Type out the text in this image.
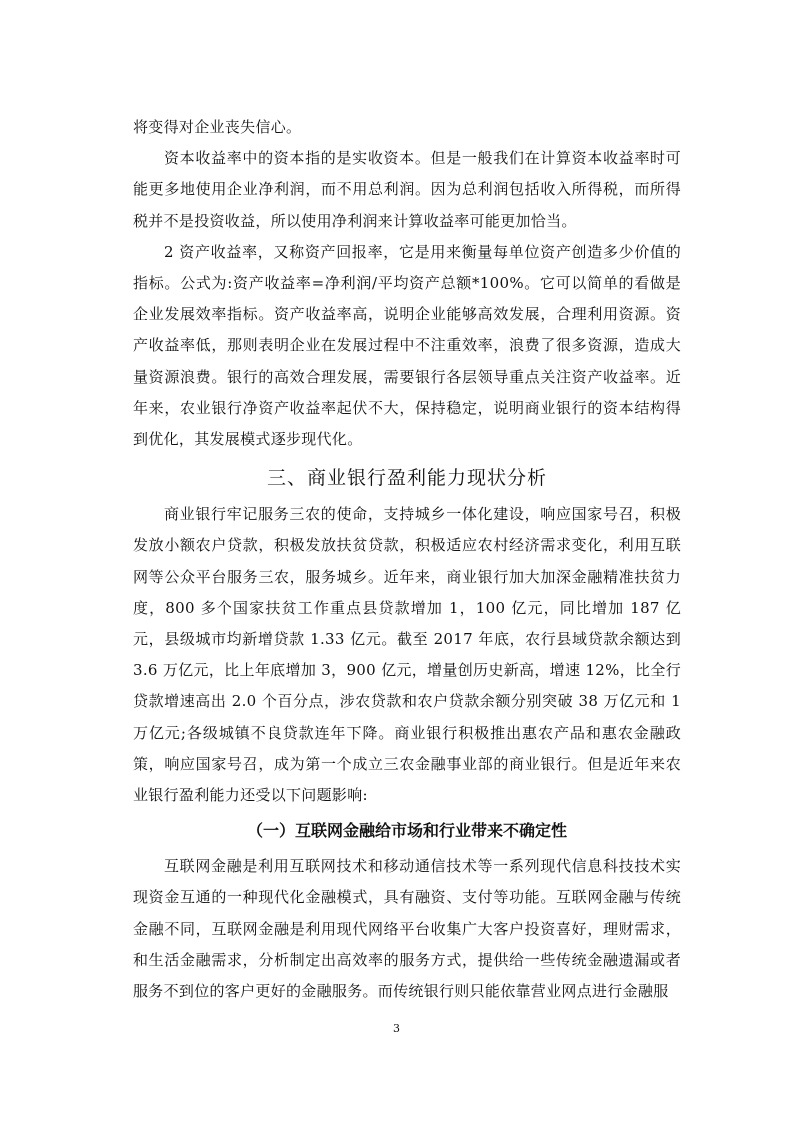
将变得对企业丧失信心。

资本收益率中的资本指的是实收资本。但是一般我们在计算资本收益率时可能更多地使用企业净利润，而不用总利润。因为总利润包括收入所得税，而所得税并不是投资收益，所以使用净利润来计算收益率可能更加恰当。

2 资产收益率，又称资产回报率，它是用来衡量每单位资产创造多少价值的指标。公式为:资产收益率=净利润/平均资产总额*100%。它可以简单的看做是企业发展效率指标。资产收益率高，说明企业能够高效发展，合理利用资源。资产收益率低，那则表明企业在发展过程中不注重效率，浪费了很多资源，造成大量资源浪费。银行的高效合理发展，需要银行各层领导重点关注资产收益率。近年来，农业银行净资产收益率起伏不大，保持稳定，说明商业银行的资本结构得到优化，其发展模式逐步现代化。

三、商业银行盈利能力现状分析

商业银行牢记服务三农的使命，支持城乡一体化建设，响应国家号召，积极发放小额农户贷款，积极发放扶贫贷款，积极适应农村经济需求变化，利用互联网等公众平台服务三农，服务城乡。近年来，商业银行加大加深金融精准扶贫力度，800 多个国家扶贫工作重点县贷款增加 1，100 亿元，同比增加 187 亿元，县级城市均新增贷款 1.33 亿元。截至 2017 年底，农行县域贷款余额达到 3.6 万亿元，比上年底增加 3，900 亿元，增量创历史新高，增速 12%，比全行贷款增速高出 2.0 个百分点，涉农贷款和农户贷款余额分别突破 38 万亿元和 1 万亿元;各级城镇不良贷款连年下降。商业银行积极推出惠农产品和惠农金融政策，响应国家号召，成为第一个成立三农金融事业部的商业银行。但是近年来农业银行盈利能力还受以下问题影响:

（一）互联网金融给市场和行业带来不确定性

互联网金融是利用互联网技术和移动通信技术等一系列现代信息科技技术实现资金互通的一种现代化金融模式，具有融资、支付等功能。互联网金融与传统金融不同，互联网金融是利用现代网络平台收集广大客户投资喜好，理财需求，和生活金融需求，分析制定出高效率的服务方式，提供给一些传统金融遗漏或者服务不到位的客户更好的金融服务。而传统银行则只能依靠营业网点进行金融服

3
